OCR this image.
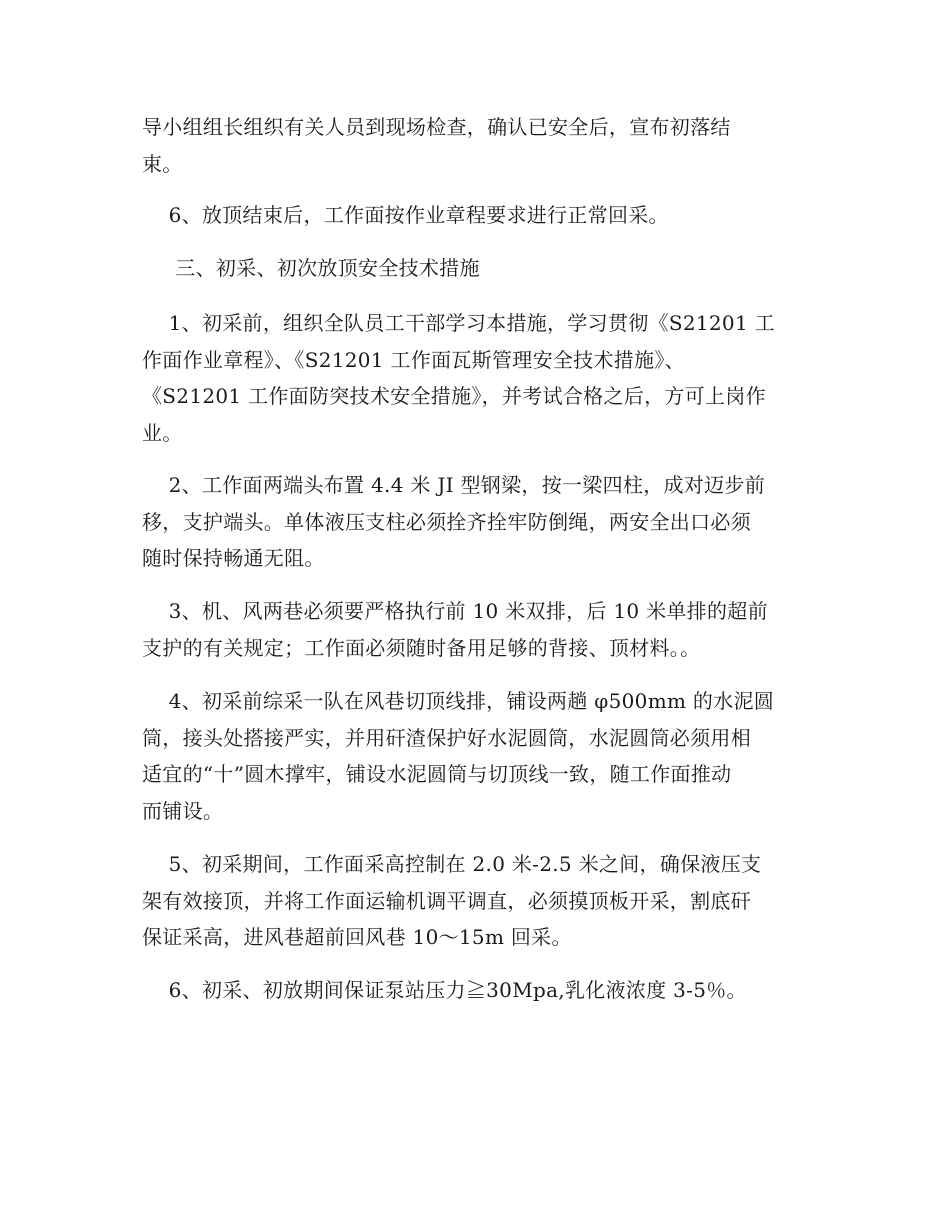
导小组组长组织有关人员到现场检查，确认已安全后，宣布初落结
束。

6、放顶结束后，工作面按作业章程要求进行正常回采。

三、初采、初次放顶安全技术措施

1、初采前，组织全队员工干部学习本措施，学习贯彻《S21201 工
作面作业章程》、《S21201 工作面瓦斯管理安全技术措施》、
《S21201 工作面防突技术安全措施》，并考试合格之后，方可上岗作
业。

2、工作面两端头布置 4.4 米 JI 型钢梁，按一梁四柱，成对迈步前
移，支护端头。单体液压支柱必须拴齐拴牢防倒绳，两安全出口必须
随时保持畅通无阻。

3、机、风两巷必须要严格执行前 10 米双排，后 10 米单排的超前
支护的有关规定；工作面必须随时备用足够的背接、顶材料。。

4、初采前综采一队在风巷切顶线排，铺设两趟 φ500mm 的水泥圆
筒，接头处搭接严实，并用矸渣保护好水泥圆筒，水泥圆筒必须用相
适宜的“十”圆木撑牢，铺设水泥圆筒与切顶线一致，随工作面推动
而铺设。

5、初采期间，工作面采高控制在 2.0 米-2.5 米之间，确保液压支
架有效接顶，并将工作面运输机调平调直，必须摸顶板开采，割底矸
保证采高，进风巷超前回风巷 10～15m 回采。

6、初采、初放期间保证泵站压力≧30Mpa,乳化液浓度 3-5％。
